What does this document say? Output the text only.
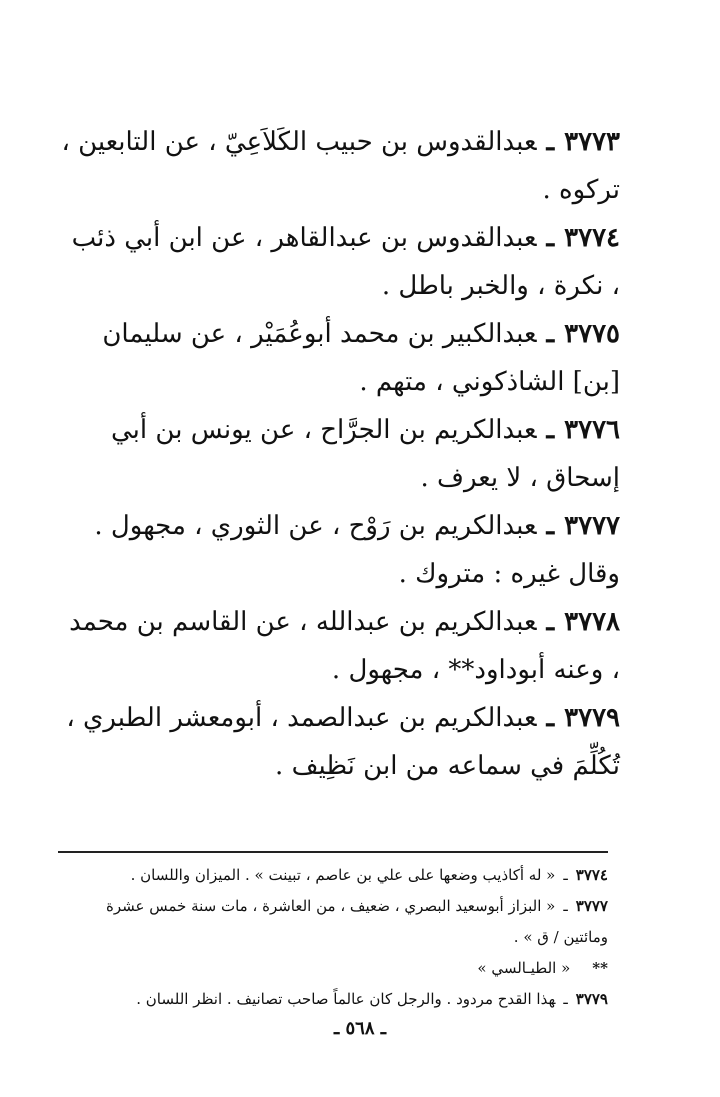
٣٧٧٣ـعبدالقدوس بن حبيب الكَلاَعِيّ ، عن التابعين ، تركوه .

٣٧٧٤ـعبدالقدوس بن عبدالقاهر ، عن ابن أبي ذئب ، نكرة ، والخبر باطل .

٣٧٧٥ـعبدالكبير بن محمد أبوعُمَيْر ، عن سليمان [بن] الشاذكوني ، متهم .

٣٧٧٦ـعبدالكريم بن الجرَّاح ، عن يونس بن أبي إسحاق ، لا يعرف .

٣٧٧٧ـعبدالكريم بن رَوْح ، عن الثوري ، مجهول . وقال غيره : متروك .

٣٧٧٨ـعبدالكريم بن عبدالله ، عن القاسم بن محمد ، وعنه أبوداود** ، مجهول .

٣٧٧٩ـعبدالكريم بن عبدالصمد ، أبومعشر الطبري ، تُكُلِّمَ في سماعه من ابن نَظِيف .

٣٧٧٤ـ« له أكاذيب وضعها على علي بن عاصم ، تبينت » . الميزان واللسان .
٣٧٧٧ـ« البزاز أبوسعيد البصري ، ضعيف ، من العاشرة ، مات سنة خمس عشرة ومائتين / ق » .
**« الطيـالسي »
٣٧٧٩ـهذا القدح مردود . والرجل كان عالماً صاحب تصانيف . انظر اللسان .
ـ ٥٦٨ ـ
